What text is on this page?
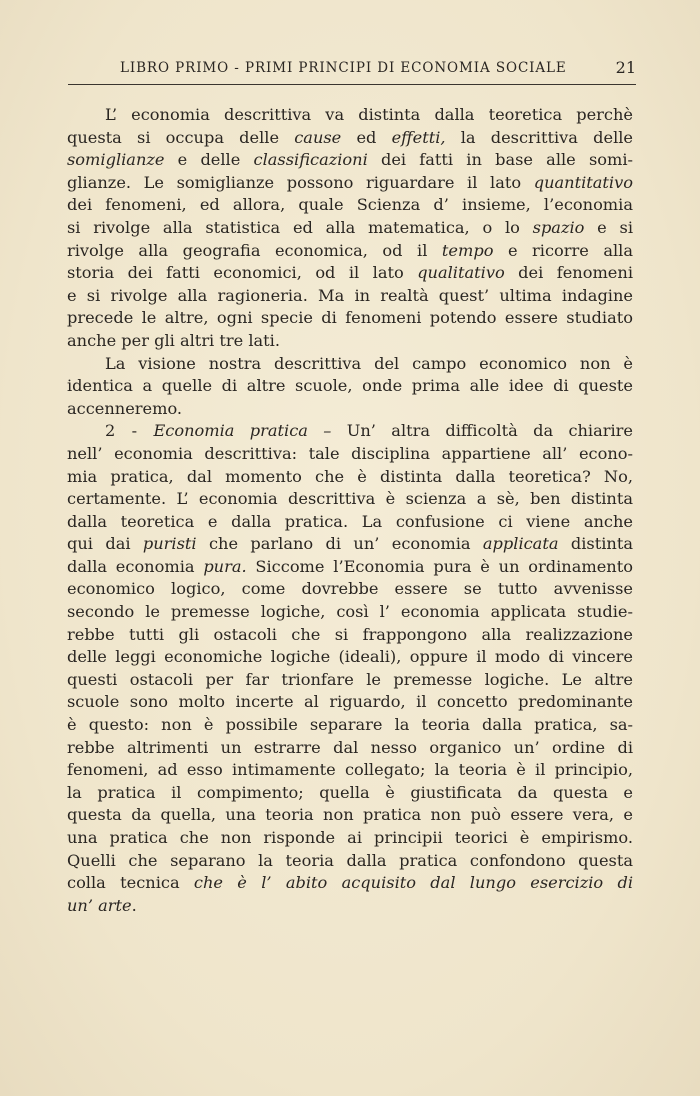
LIBRO PRIMO - PRIMI PRINCIPI DI ECONOMIA SOCIALE	21

L’ economia descrittiva va distinta dalla teoretica perchè
questa si occupa delle cause ed effetti, la descrittiva delle
somiglianze e delle classificazioni dei fatti in base alle somi-
glianze. Le somiglianze possono riguardare il lato quantitativo
dei fenomeni, ed allora, quale Scienza d’ insieme, l’economia
si rivolge alla statistica ed alla matematica, o lo spazio e si
rivolge alla geografia economica, od il tempo e ricorre alla
storia dei fatti economici, od il lato qualitativo dei fenomeni
e si rivolge alla ragioneria. Ma in realtà quest’ ultima indagine
precede le altre, ogni specie di fenomeni potendo essere studiato
anche per gli altri tre lati.

La visione nostra descrittiva del campo economico non è
identica a quelle di altre scuole, onde prima alle idee di queste
accenneremo.

2 - Economia pratica – Un’ altra difficoltà da chiarire
nell’ economia descrittiva: tale disciplina appartiene all’ econo-
mia pratica, dal momento che è distinta dalla teoretica? No,
certamente. L’ economia descrittiva è scienza a sè, ben distinta
dalla teoretica e dalla pratica. La confusione ci viene anche
qui dai puristi che parlano di un’ economia applicata distinta
dalla economia pura. Siccome l’Economia pura è un ordinamento
economico logico, come dovrebbe essere se tutto avvenisse
secondo le premesse logiche, così l’ economia applicata studie-
rebbe tutti gli ostacoli che si frappongono alla realizzazione
delle leggi economiche logiche (ideali), oppure il modo di vincere
questi ostacoli per far trionfare le premesse logiche. Le altre
scuole sono molto incerte al riguardo, il concetto predominante
è questo: non è possibile separare la teoria dalla pratica, sa-
rebbe altrimenti un estrarre dal nesso organico un’ ordine di
fenomeni, ad esso intimamente collegato; la teoria è il principio,
la pratica il compimento; quella è giustificata da questa e
questa da quella, una teoria non pratica non può essere vera, e
una pratica che non risponde ai principii teorici è empirismo.
Quelli che separano la teoria dalla pratica confondono questa
colla tecnica che è l’ abito acquisito dal lungo esercizio di
un’ arte.
